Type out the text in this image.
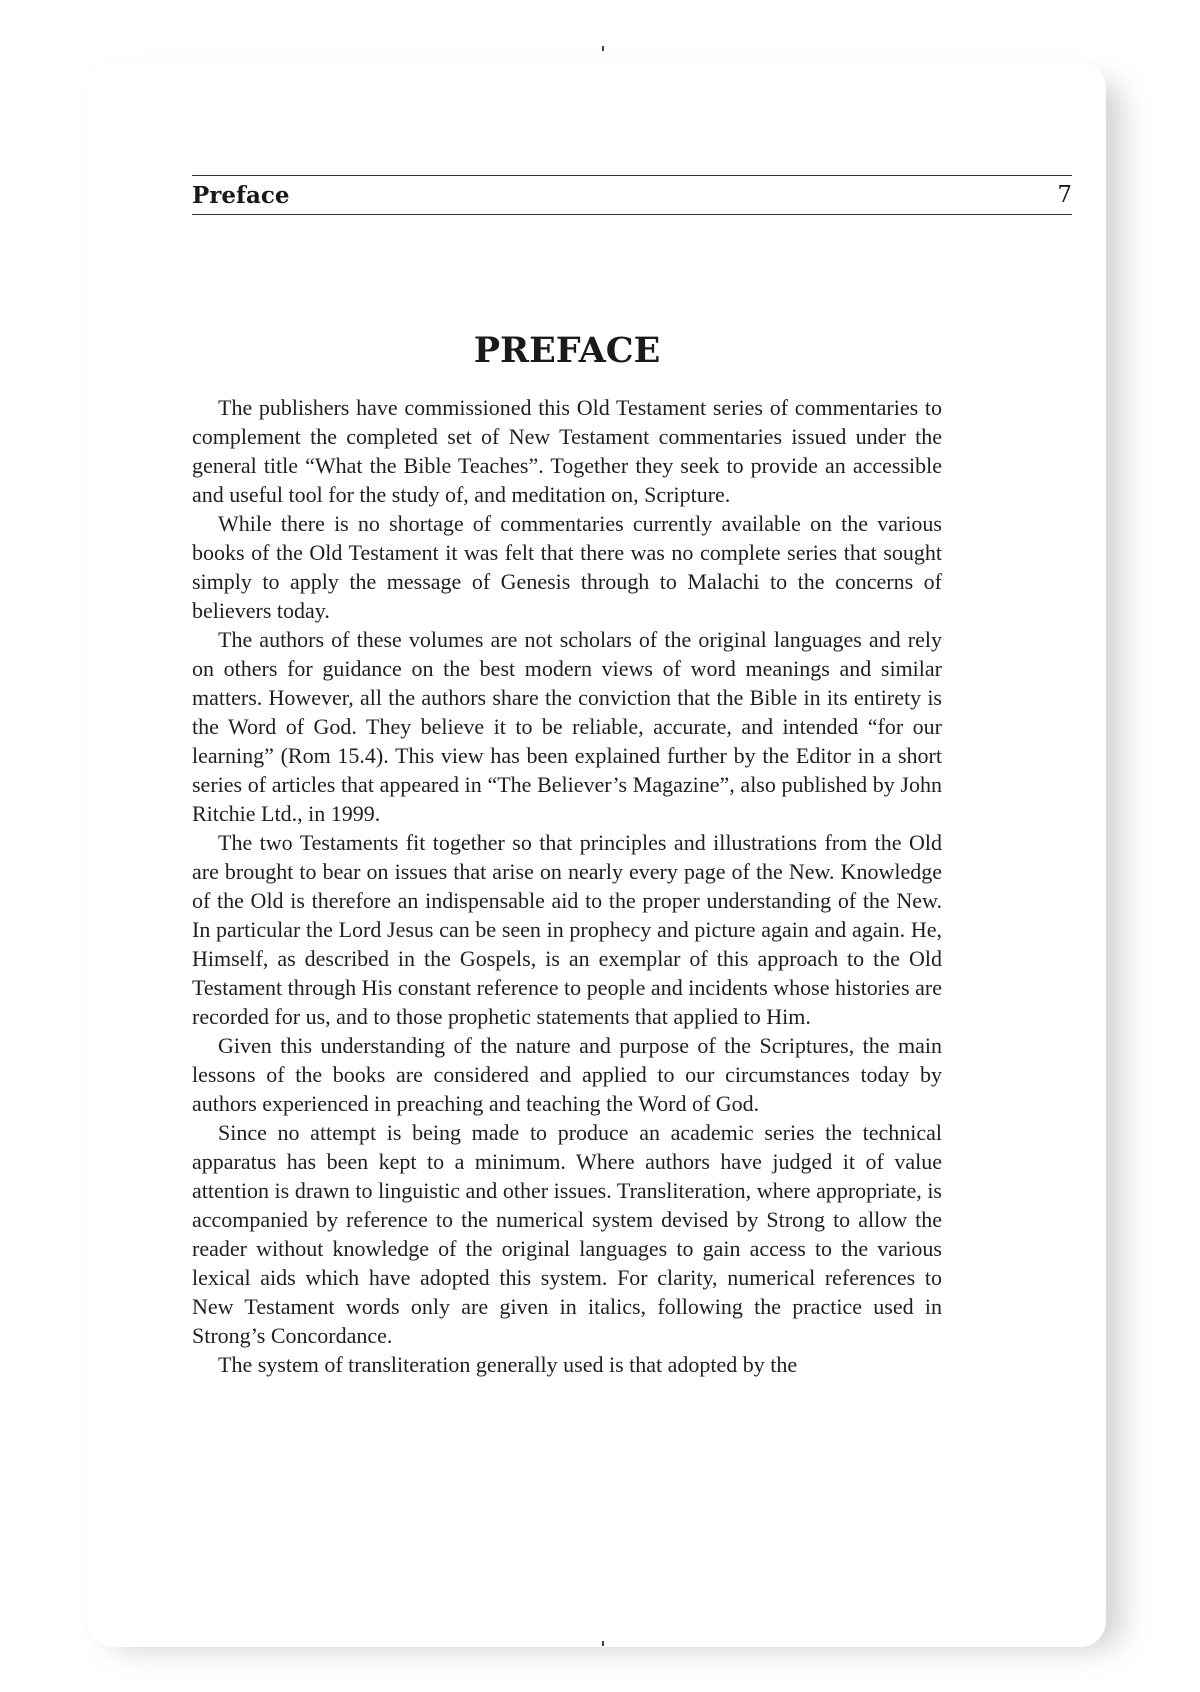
Preface	7
PREFACE

The publishers have commissioned this Old Testament series of commentaries to complement the completed set of New Testament commentaries issued under the general title “What the Bible Teaches”. Together they seek to provide an accessible and useful tool for the study of, and meditation on, Scripture.

While there is no shortage of commentaries currently available on the various books of the Old Testament it was felt that there was no complete series that sought simply to apply the message of Genesis through to Malachi to the concerns of believers today.

The authors of these volumes are not scholars of the original languages and rely on others for guidance on the best modern views of word meanings and similar matters. However, all the authors share the conviction that the Bible in its entirety is the Word of God. They believe it to be reliable, accurate, and intended “for our learning” (Rom 15.4). This view has been explained further by the Editor in a short series of articles that appeared in “The Believer’s Magazine”, also published by John Ritchie Ltd., in 1999.

The two Testaments fit together so that principles and illustrations from the Old are brought to bear on issues that arise on nearly every page of the New. Knowledge of the Old is therefore an indispensable aid to the proper understanding of the New. In particular the Lord Jesus can be seen in prophecy and picture again and again. He, Himself, as described in the Gospels, is an exemplar of this approach to the Old Testament through His constant reference to people and incidents whose histories are recorded for us, and to those prophetic statements that applied to Him.

Given this understanding of the nature and purpose of the Scriptures, the main lessons of the books are considered and applied to our circumstances today by authors experienced in preaching and teaching the Word of God.

Since no attempt is being made to produce an academic series the technical apparatus has been kept to a minimum. Where authors have judged it of value attention is drawn to linguistic and other issues. Transliteration, where appropriate, is accompanied by reference to the numerical system devised by Strong to allow the reader without knowledge of the original languages to gain access to the various lexical aids which have adopted this system. For clarity, numerical references to New Testament words only are given in italics, following the practice used in Strong’s Concordance.

The system of transliteration generally used is that adopted by the
